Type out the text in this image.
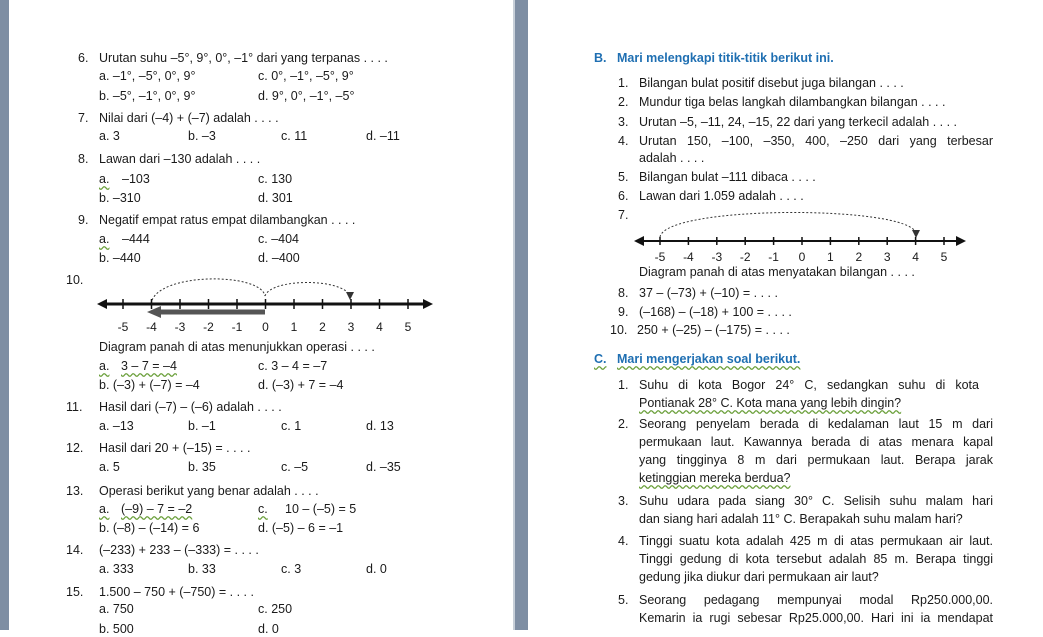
6. Urutan suhu –5°, 9°, 0°, –1° dari yang terpanas . . . .
a. –1°, –5°, 0°, 9°	c. 0°, –1°, –5°, 9°
b. –5°, –1°, 0°, 9°	d. 9°, 0°, –1°, –5°
7. Nilai dari (–4) + (–7) adalah . . . .
a. 3	b. –3	c. 11	d. –11
8. Lawan dari –130 adalah . . . .
a. –103	c. 130
b. –310	d. 301
9. Negatif empat ratus empat dilambangkan . . . .
a. –444	c. –404
b. –440	d. –400
10.
-5 -4 -3 -2 -1 0 1 2 3 4 5
Diagram panah di atas menunjukkan operasi . . . .
a. 3 – 7 = –4	c. 3 – 4 = –7
b. (–3) + (–7) = –4	d. (–3) + 7 = –4
11. Hasil dari (–7) – (–6) adalah . . . .
a. –13	b. –1	c. 1	d. 13
12. Hasil dari 20 + (–15) = . . . .
a. 5	b. 35	c. –5	d. –35
13. Operasi berikut yang benar adalah . . . .
a. (–9) – 7 = –2	c. 10 – (–5) = 5
b. (–8) – (–14) = 6	d. (–5) – 6 = –1
14. (–233) + 233 – (–333) = . . . .
a. 333	b. 33	c. 3	d. 0
15. 1.500 – 750 + (–750) = . . . .
a. 750	c. 250
b. 500	d. 0
B. Mari melengkapi titik-titik berikut ini.
1. Bilangan bulat positif disebut juga bilangan . . . .
2. Mundur tiga belas langkah dilambangkan bilangan . . . .
3. Urutan –5, –11, 24, –15, 22 dari yang terkecil adalah . . . .
4. Urutan 150, –100, –350, 400, –250 dari yang terbesar
adalah . . . .
5. Bilangan bulat –111 dibaca . . . .
6. Lawan dari 1.059 adalah . . . .
7.
-5 -4 -3 -2 -1 0 1 2 3 4 5
Diagram panah di atas menyatakan bilangan . . . .
8. 37 – (–73) + (–10) = . . . .
9. (–168) – (–18) + 100 = . . . .
10. 250 + (–25) – (–175) = . . . .
C. Mari mengerjakan soal berikut.
1. Suhu di kota Bogor 24° C, sedangkan suhu di kota
Pontianak 28° C. Kota mana yang lebih dingin?
2. Seorang penyelam berada di kedalaman laut 15 m dari
permukaan laut. Kawannya berada di atas menara kapal
yang tingginya 8 m dari permukaan laut. Berapa jarak
ketinggian mereka berdua?
3. Suhu udara pada siang 30° C. Selisih suhu malam hari
dan siang hari adalah 11° C. Berapakah suhu malam hari?
4. Tinggi suatu kota adalah 425 m di atas permukaan air laut.
Tinggi gedung di kota tersebut adalah 85 m. Berapa tinggi
gedung jika diukur dari permukaan air laut?
5. Seorang pedagang mempunyai modal Rp250.000,00.
Kemarin ia rugi sebesar Rp25.000,00. Hari ini ia mendapat
